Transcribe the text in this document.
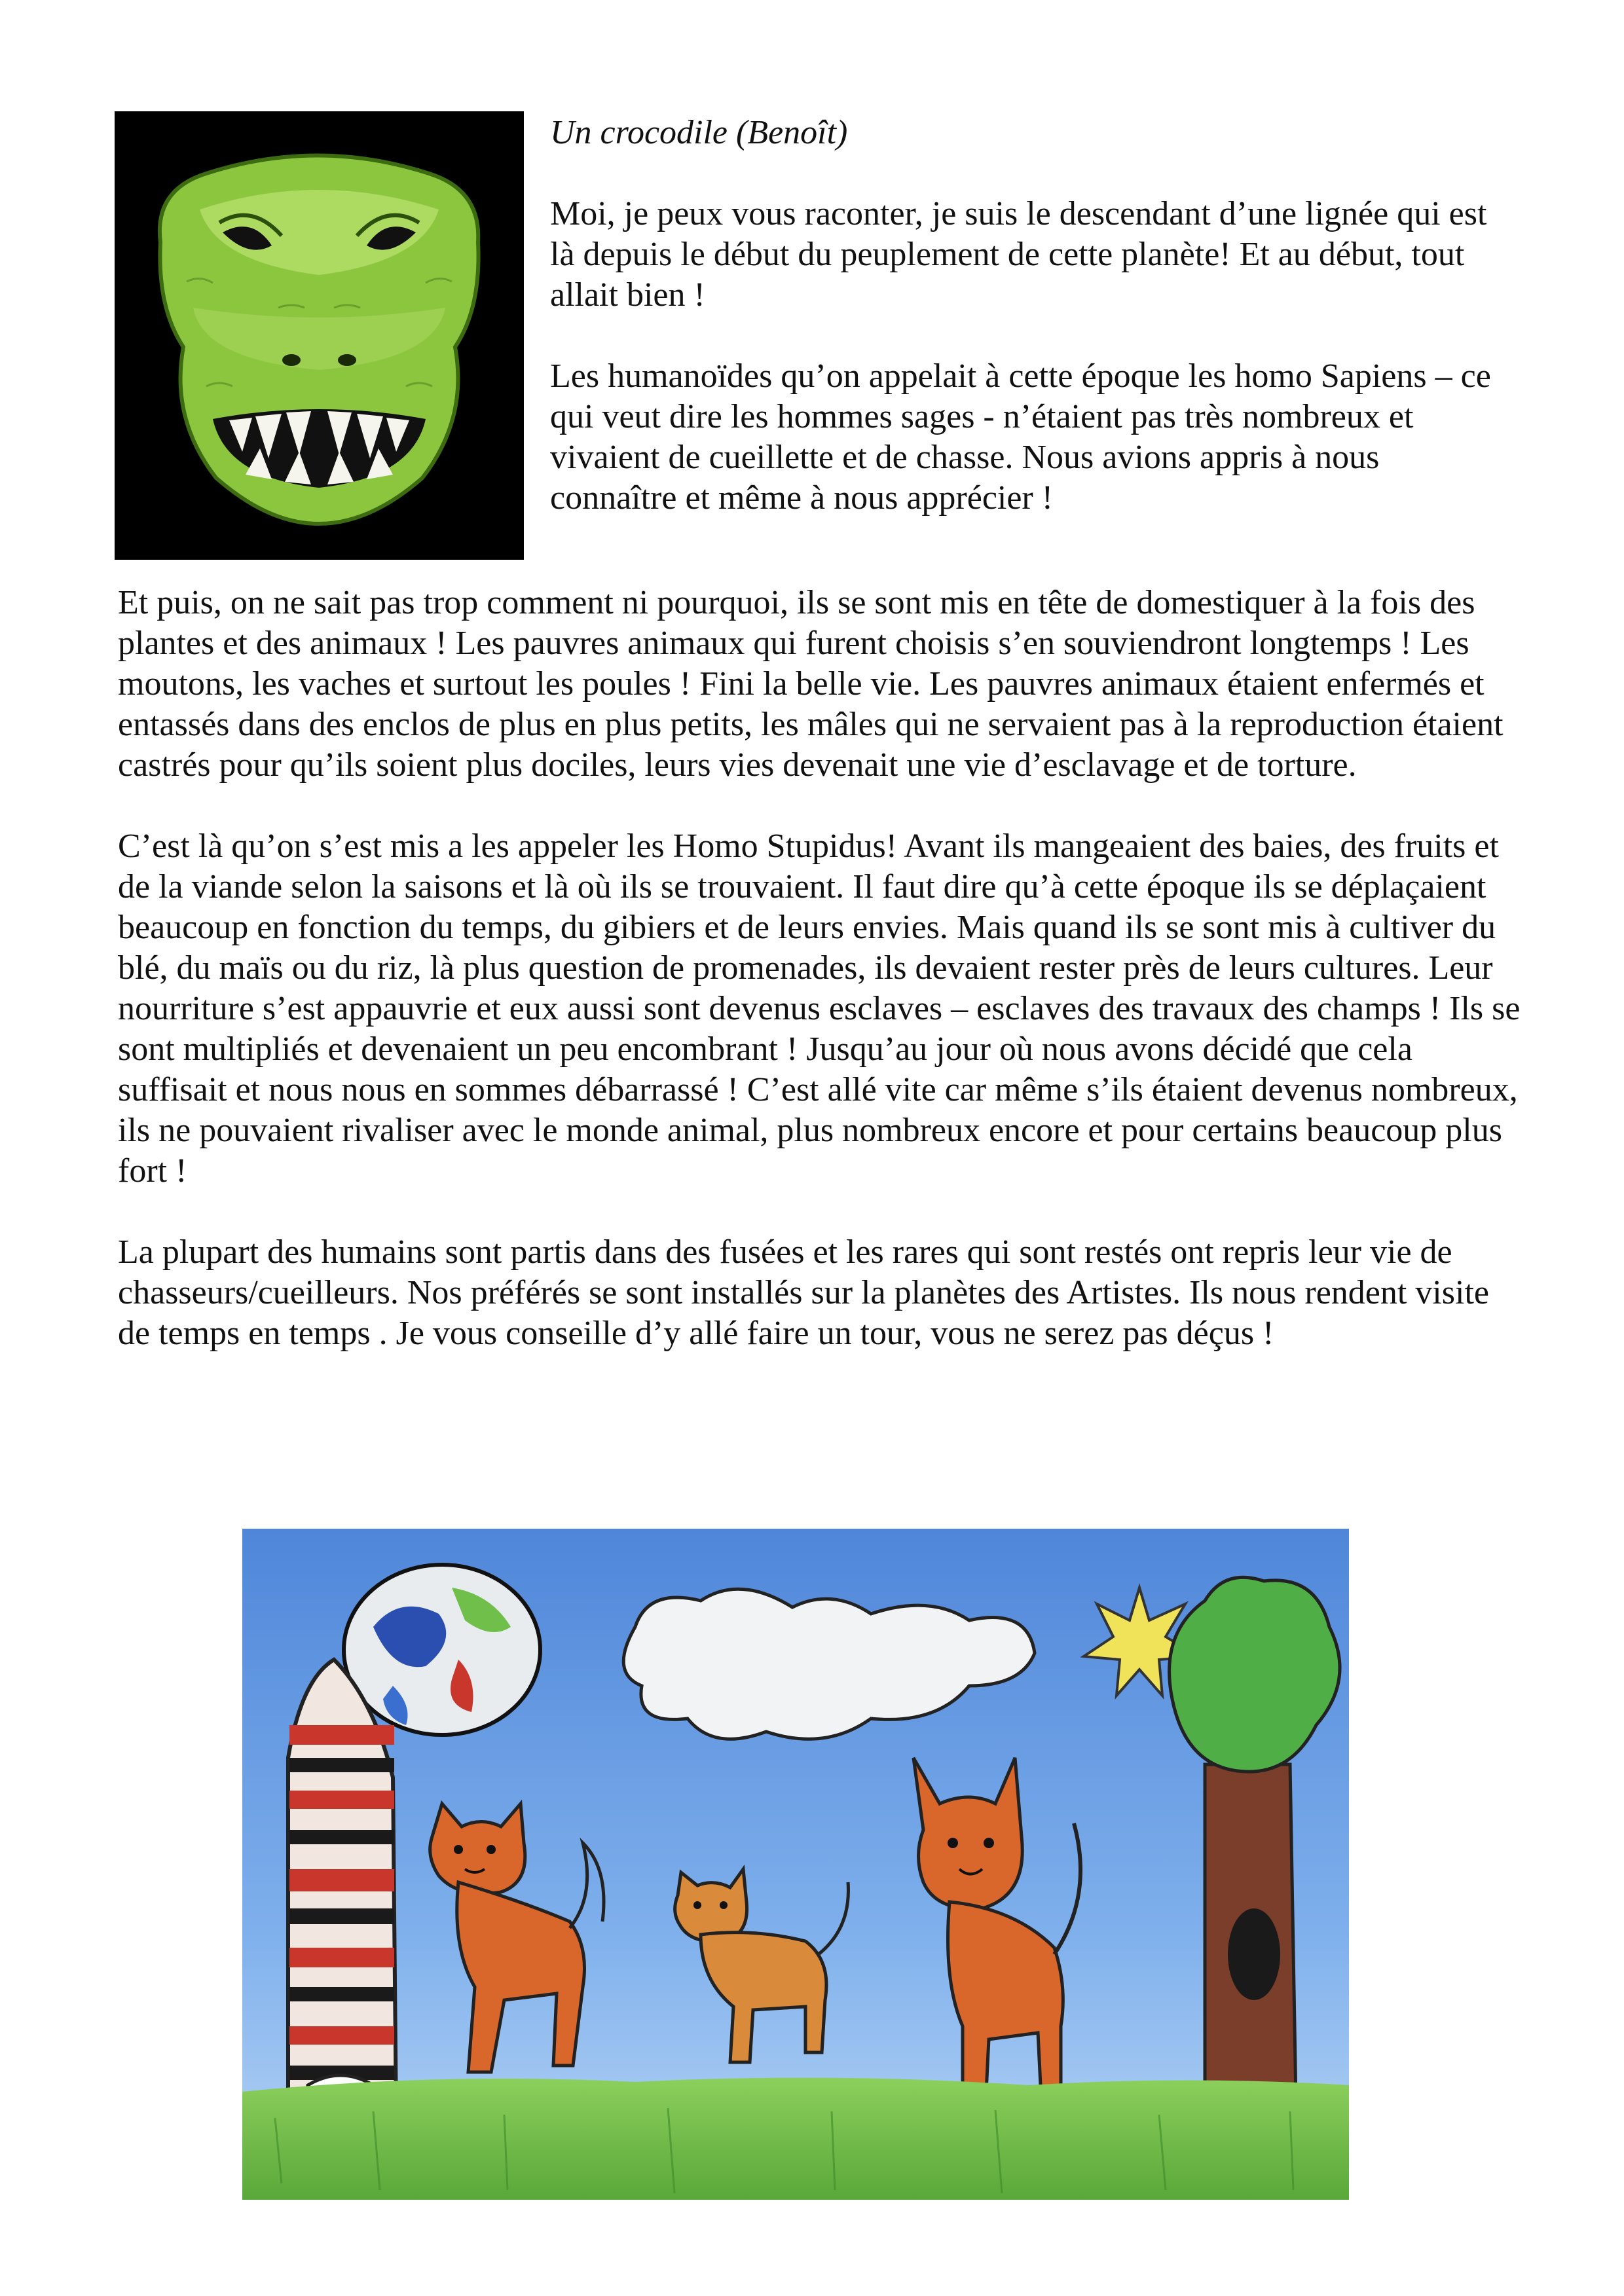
Un crocodile (Benoît)

Moi, je peux vous raconter, je suis le descendant d’une lignée qui est là depuis le début du peuplement de cette planète! Et au début, tout allait bien !

Les humanoïdes qu’on appelait à cette époque les homo Sapiens – ce qui veut dire les hommes sages - n’étaient pas très nombreux et vivaient de cueillette et de chasse. Nous avions appris à nous connaître et même à nous apprécier !

Et puis, on ne sait pas trop comment ni pourquoi, ils se sont mis en tête de domestiquer à la fois des plantes et des animaux ! Les pauvres animaux qui furent choisis s’en souviendront longtemps ! Les moutons, les vaches et surtout les poules ! Fini la belle vie. Les pauvres animaux étaient enfermés et entassés dans des enclos de plus en plus petits, les mâles qui ne servaient pas à la reproduction étaient castrés pour qu’ils soient plus dociles, leurs vies devenait une vie d’esclavage et de torture.

C’est là qu’on s’est mis a les appeler les Homo Stupidus! Avant ils mangeaient des baies, des fruits et de la viande selon la saisons et là où ils se trouvaient. Il faut dire qu’à cette époque ils se déplaçaient beaucoup en fonction du temps, du gibiers et de leurs envies. Mais quand ils se sont mis à cultiver du blé, du maïs ou du riz, là plus question de promenades, ils devaient rester près de leurs cultures. Leur nourriture s’est appauvrie et eux aussi sont devenus esclaves – esclaves des travaux des champs ! Ils se sont multipliés et devenaient un peu encombrant ! Jusqu’au jour où nous avons décidé que cela suffisait et nous nous en sommes débarrassé ! C’est allé vite car même s’ils étaient devenus nombreux, ils ne pouvaient rivaliser avec le monde animal, plus nombreux encore et pour certains beaucoup plus fort !

La plupart des humains sont partis dans des fusées et les rares qui sont restés ont repris leur vie de chasseurs/cueilleurs. Nos préférés se sont installés sur la planètes des Artistes. Ils nous rendent visite de temps en temps . Je vous conseille d’y allé faire un tour, vous ne serez pas déçus !
